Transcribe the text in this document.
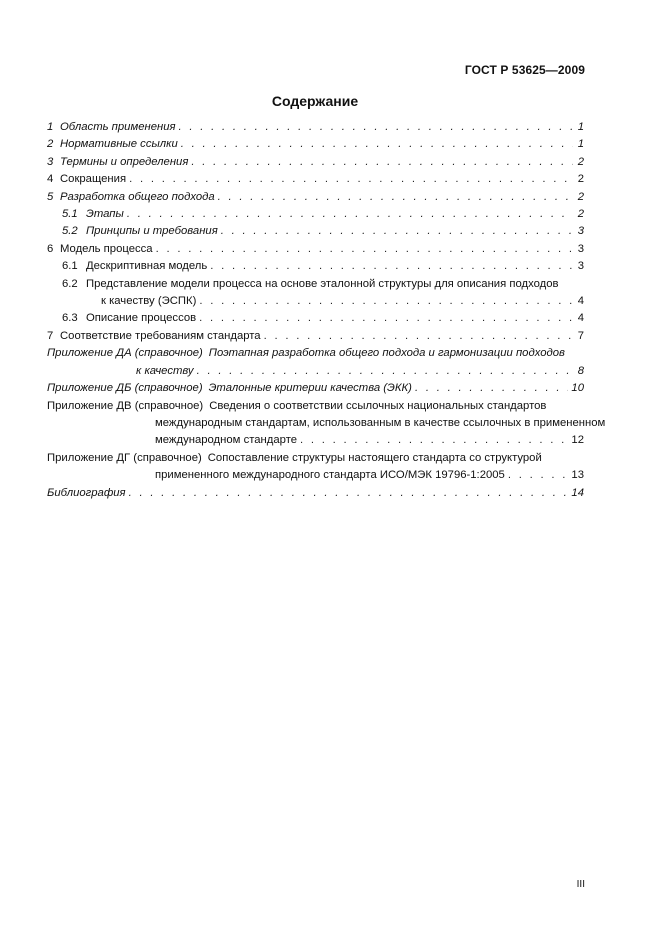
ГОСТ Р 53625—2009
Содержание
1 Область применения . . .	1
2 Нормативные ссылки . . .	1
3 Термины и определения . . .	2
4 Сокращения . . .	2
5 Разработка общего подхода . . .	2
5.1 Этапы . . .	2
5.2 Принципы и требования . . .	3
6 Модель процесса . . .	3
6.1 Дескриптивная модель . . .	3
6.2 Представление модели процесса на основе эталонной структуры для описания подходов
к качеству (ЭСПК) . . .	4
6.3 Описание процессов . . .	4
7 Соответствие требованиям стандарта . . .	7
Приложение ДА (справочное) Поэтапная разработка общего подхода и гармонизации подходов
к качеству . . .	8
Приложение ДБ (справочное) Эталонные критерии качества (ЭКК) . . .	10
Приложение ДВ (справочное) Сведения о соответствии ссылочных национальных стандартов
международным стандартам, использованным в качестве ссылочных в примененном
международном стандарте . . .	12
Приложение ДГ (справочное) Сопоставление структуры настоящего стандарта со структурой
примененного международного стандарта ИСО/МЭК 19796-1:2005 . . .	13
Библиография . . .	14
III
